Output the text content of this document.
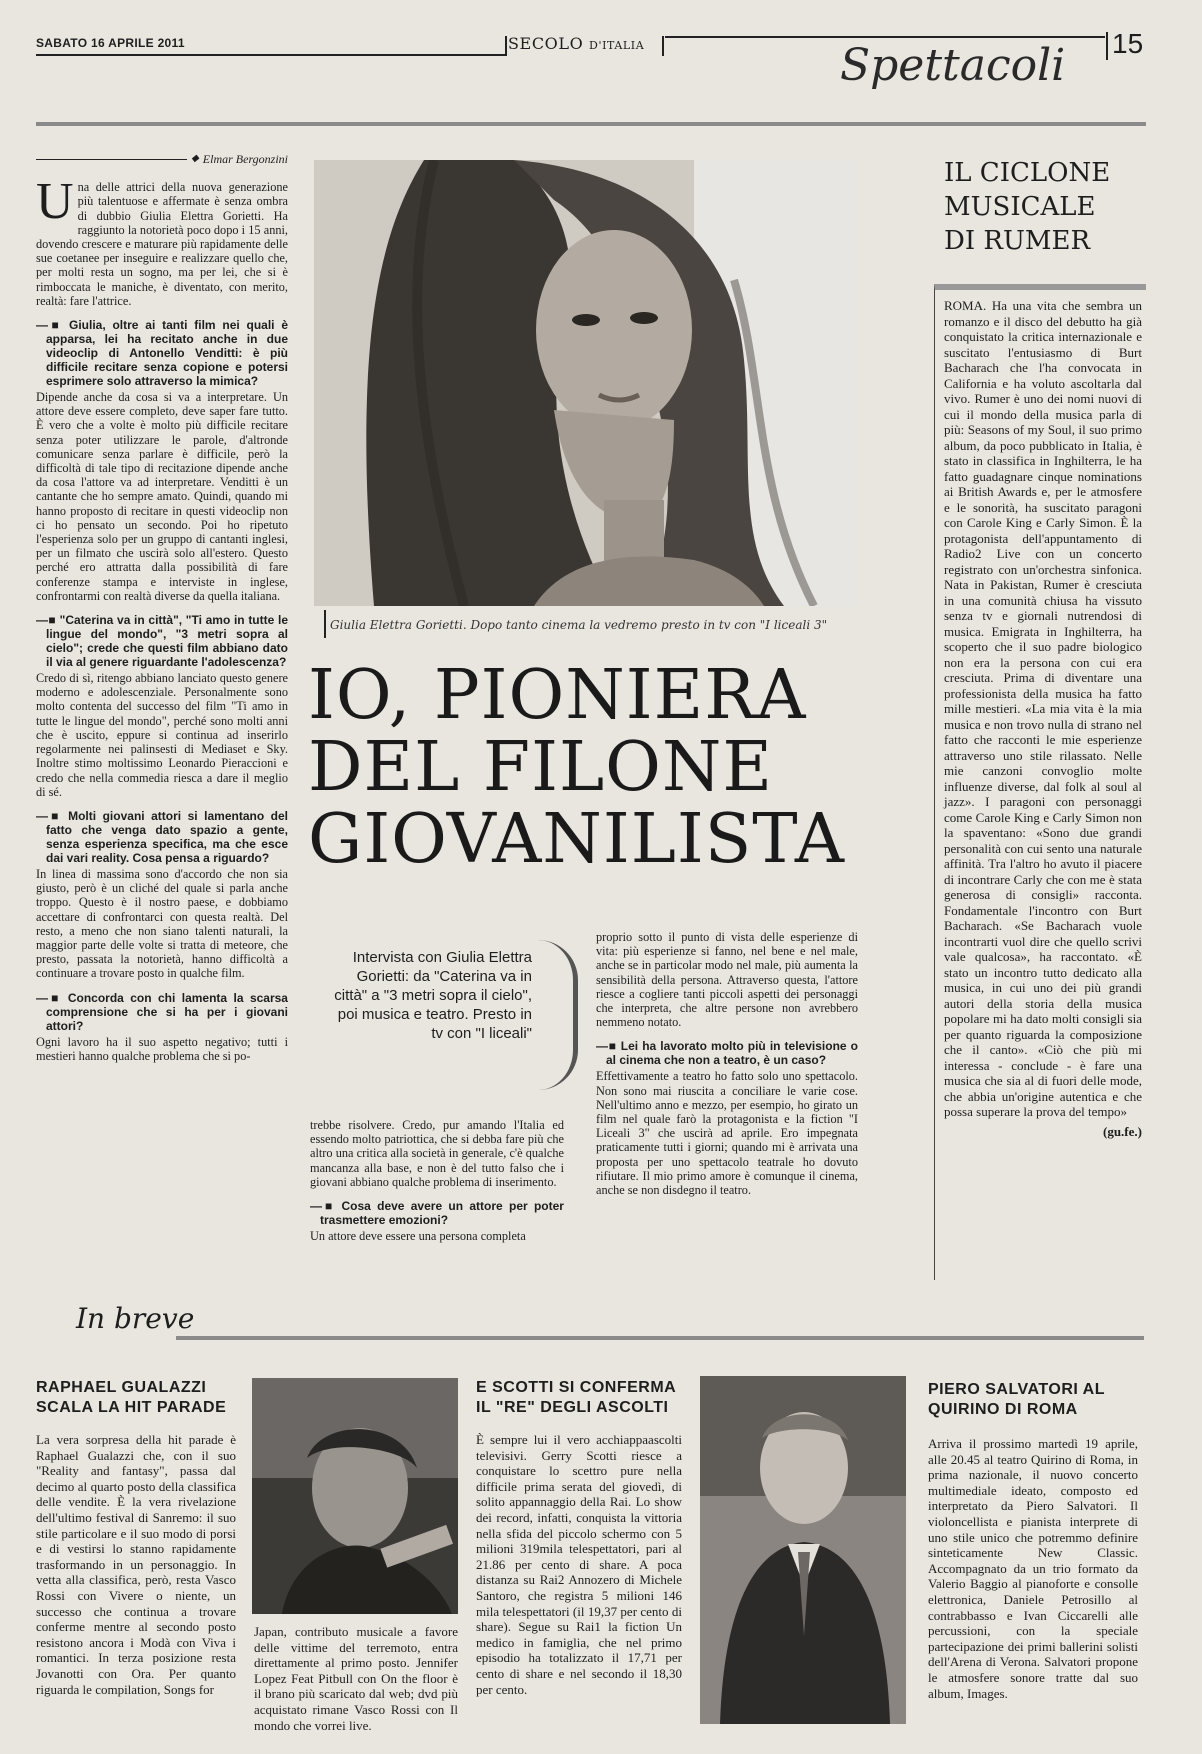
SABATO 16 APRILE 2011	SECOLO D'ITALIA	15
Spettacoli
◆ Elmar Bergonzini

Una delle attrici della nuova generazione più talentuose e affermate è senza ombra di dubbio Giulia Elettra Gorietti. Ha raggiunto la notorietà poco dopo i 15 anni, dovendo crescere e maturare più rapidamente delle sue coetanee per inseguire e realizzare quello che, per molti resta un sogno, ma per lei, che si è rimboccata le maniche, è diventato, con merito, realtà: fare l'attrice.

—■ Giulia, oltre ai tanti film nei quali è apparsa, lei ha recitato anche in due videoclip di Antonello Venditti: è più difficile recitare senza copione e potersi esprimere solo attraverso la mimica?
Dipende anche da cosa si va a interpretare. Un attore deve essere completo, deve saper fare tutto. È vero che a volte è molto più difficile recitare senza poter utilizzare le parole, d'altronde comunicare senza parlare è difficile, però la difficoltà di tale tipo di recitazione dipende anche da cosa l'attore va ad interpretare. Venditti è un cantante che ho sempre amato. Quindi, quando mi hanno proposto di recitare in questi videoclip non ci ho pensato un secondo. Poi ho ripetuto l'esperienza solo per un gruppo di cantanti inglesi, per un filmato che uscirà solo all'estero. Questo perché ero attratta dalla possibilità di fare conferenze stampa e interviste in inglese, confrontarmi con realtà diverse da quella italiana.
—■ "Caterina va in città", "Ti amo in tutte le lingue del mondo", "3 metri sopra al cielo"; crede che questi film abbiano dato il via al genere riguardante l'adolescenza?
Credo di sì, ritengo abbiano lanciato questo genere moderno e adolescenziale. Personalmente sono molto contenta del successo del film "Ti amo in tutte le lingue del mondo", perché sono molti anni che è uscito, eppure si continua ad inserirlo regolarmente nei palinsesti di Mediaset e Sky. Inoltre stimo moltissimo Leonardo Pieraccioni e credo che nella commedia riesca a dare il meglio di sé.
—■ Molti giovani attori si lamentano del fatto che venga dato spazio a gente, senza esperienza specifica, ma che esce dai vari reality. Cosa pensa a riguardo?
In linea di massima sono d'accordo che non sia giusto, però è un cliché del quale si parla anche troppo. Questo è il nostro paese, e dobbiamo accettare di confrontarci con questa realtà. Del resto, a meno che non siano talenti naturali, la maggior parte delle volte si tratta di meteore, che presto, passata la notorietà, hanno difficoltà a continuare a trovare posto in qualche film.
—■ Concorda con chi lamenta la scarsa comprensione che si ha per i giovani attori?
Ogni lavoro ha il suo aspetto negativo; tutti i mestieri hanno qualche problema che si po-
Giulia Elettra Gorietti. Dopo tanto cinema la vedremo presto in tv con "I liceali 3"
IO, PIONIERA DEL FILONE GIOVANILISTA
Intervista con Giulia Elettra Gorietti: da "Caterina va in città" a "3 metri sopra il cielo", poi musica e teatro. Presto in tv con "I liceali"
trebbe risolvere. Credo, pur amando l'Italia ed essendo molto patriottica, che si debba fare più che altro una critica alla società in generale, c'è qualche mancanza alla base, e non è del tutto falso che i giovani abbiano qualche problema di inserimento.
—■ Cosa deve avere un attore per poter trasmettere emozioni?
Un attore deve essere una persona completa
proprio sotto il punto di vista delle esperienze di vita: più esperienze si fanno, nel bene e nel male, anche se in particolar modo nel male, più aumenta la sensibilità della persona. Attraverso questa, l'attore riesce a cogliere tanti piccoli aspetti dei personaggi che interpreta, che altre persone non avrebbero nemmeno notato.
—■ Lei ha lavorato molto più in televisione o al cinema che non a teatro, è un caso?
Effettivamente a teatro ho fatto solo uno spettacolo. Non sono mai riuscita a conciliare le varie cose. Nell'ultimo anno e mezzo, per esempio, ho girato un film nel quale farò la protagonista e la fiction "I Liceali 3" che uscirà ad aprile. Ero impegnata praticamente tutti i giorni; quando mi è arrivata una proposta per uno spettacolo teatrale ho dovuto rifiutare. Il mio primo amore è comunque il cinema, anche se non disdegno il teatro.
IL CICLONE MUSICALE DI RUMER
ROMA. Ha una vita che sembra un romanzo e il disco del debutto ha già conquistato la critica internazionale e suscitato l'entusiasmo di Burt Bacharach che l'ha convocata in California e ha voluto ascoltarla dal vivo. Rumer è uno dei nomi nuovi di cui il mondo della musica parla di più: Seasons of my Soul, il suo primo album, da poco pubblicato in Italia, è stato in classifica in Inghilterra, le ha fatto guadagnare cinque nominations ai British Awards e, per le atmosfere e le sonorità, ha suscitato paragoni con Carole King e Carly Simon. È la protagonista dell'appuntamento di Radio2 Live con un concerto registrato con un'orchestra sinfonica. Nata in Pakistan, Rumer è cresciuta in una comunità chiusa ha vissuto senza tv e giornali nutrendosi di musica. Emigrata in Inghilterra, ha scoperto che il suo padre biologico non era la persona con cui era cresciuta. Prima di diventare una professionista della musica ha fatto mille mestieri. «La mia vita è la mia musica e non trovo nulla di strano nel fatto che racconti le mie esperienze attraverso uno stile rilassato. Nelle mie canzoni convoglio molte influenze diverse, dal folk al soul al jazz». I paragoni con personaggi come Carole King e Carly Simon non la spaventano: «Sono due grandi personalità con cui sento una naturale affinità. Tra l'altro ho avuto il piacere di incontrare Carly che con me è stata generosa di consigli» racconta. Fondamentale l'incontro con Burt Bacharach. «Se Bacharach vuole incontrarti vuol dire che quello scrivi vale qualcosa», ha raccontato. «È stato un incontro tutto dedicato alla musica, in cui uno dei più grandi autori della storia della musica popolare mi ha dato molti consigli sia per quanto riguarda la composizione che il canto». «Ciò che più mi interessa - conclude - è fare una musica che sia al di fuori delle mode, che abbia un'origine autentica e che possa superare la prova del tempo»
(gu.fe.)
In breve
RAPHAEL GUALAZZI SCALA LA HIT PARADE
La vera sorpresa della hit parade è Raphael Gualazzi che, con il suo "Reality and fantasy", passa dal decimo al quarto posto della classifica delle vendite. È la vera rivelazione dell'ultimo festival di Sanremo: il suo stile particolare e il suo modo di porsi e di vestirsi lo stanno rapidamente trasformando in un personaggio. In vetta alla classifica, però, resta Vasco Rossi con Vivere o niente, un successo che continua a trovare conferme mentre al secondo posto resistono ancora i Modà con Viva i romantici. In terza posizione resta Jovanotti con Ora. Per quanto riguarda le compilation, Songs for
Japan, contributo musicale a favore delle vittime del terremoto, entra direttamente al primo posto. Jennifer Lopez Feat Pitbull con On the floor è il brano più scaricato dal web; dvd più acquistato rimane Vasco Rossi con Il mondo che vorrei live.
E SCOTTI SI CONFERMA IL "RE" DEGLI ASCOLTI
È sempre lui il vero acchiappaascolti televisivi. Gerry Scotti riesce a conquistare lo scettro pure nella difficile prima serata del giovedì, di solito appannaggio della Rai. Lo show dei record, infatti, conquista la vittoria nella sfida del piccolo schermo con 5 milioni 319mila telespettatori, pari al 21.86 per cento di share. A poca distanza su Rai2 Annozero di Michele Santoro, che registra 5 milioni 146 mila telespettatori (il 19,37 per cento di share). Segue su Rai1 la fiction Un medico in famiglia, che nel primo episodio ha totalizzato il 17,71 per cento di share e nel secondo il 18,30 per cento.
PIERO SALVATORI AL QUIRINO DI ROMA
Arriva il prossimo martedì 19 aprile, alle 20.45 al teatro Quirino di Roma, in prima nazionale, il nuovo concerto multimediale ideato, composto ed interpretato da Piero Salvatori. Il violoncellista e pianista interprete di uno stile unico che potremmo definire sinteticamente New Classic. Accompagnato da un trio formato da Valerio Baggio al pianoforte e consolle elettronica, Daniele Petrosillo al contrabbasso e Ivan Ciccarelli alle percussioni, con la speciale partecipazione dei primi ballerini solisti dell'Arena di Verona. Salvatori propone le atmosfere sonore tratte dal suo album, Images.
